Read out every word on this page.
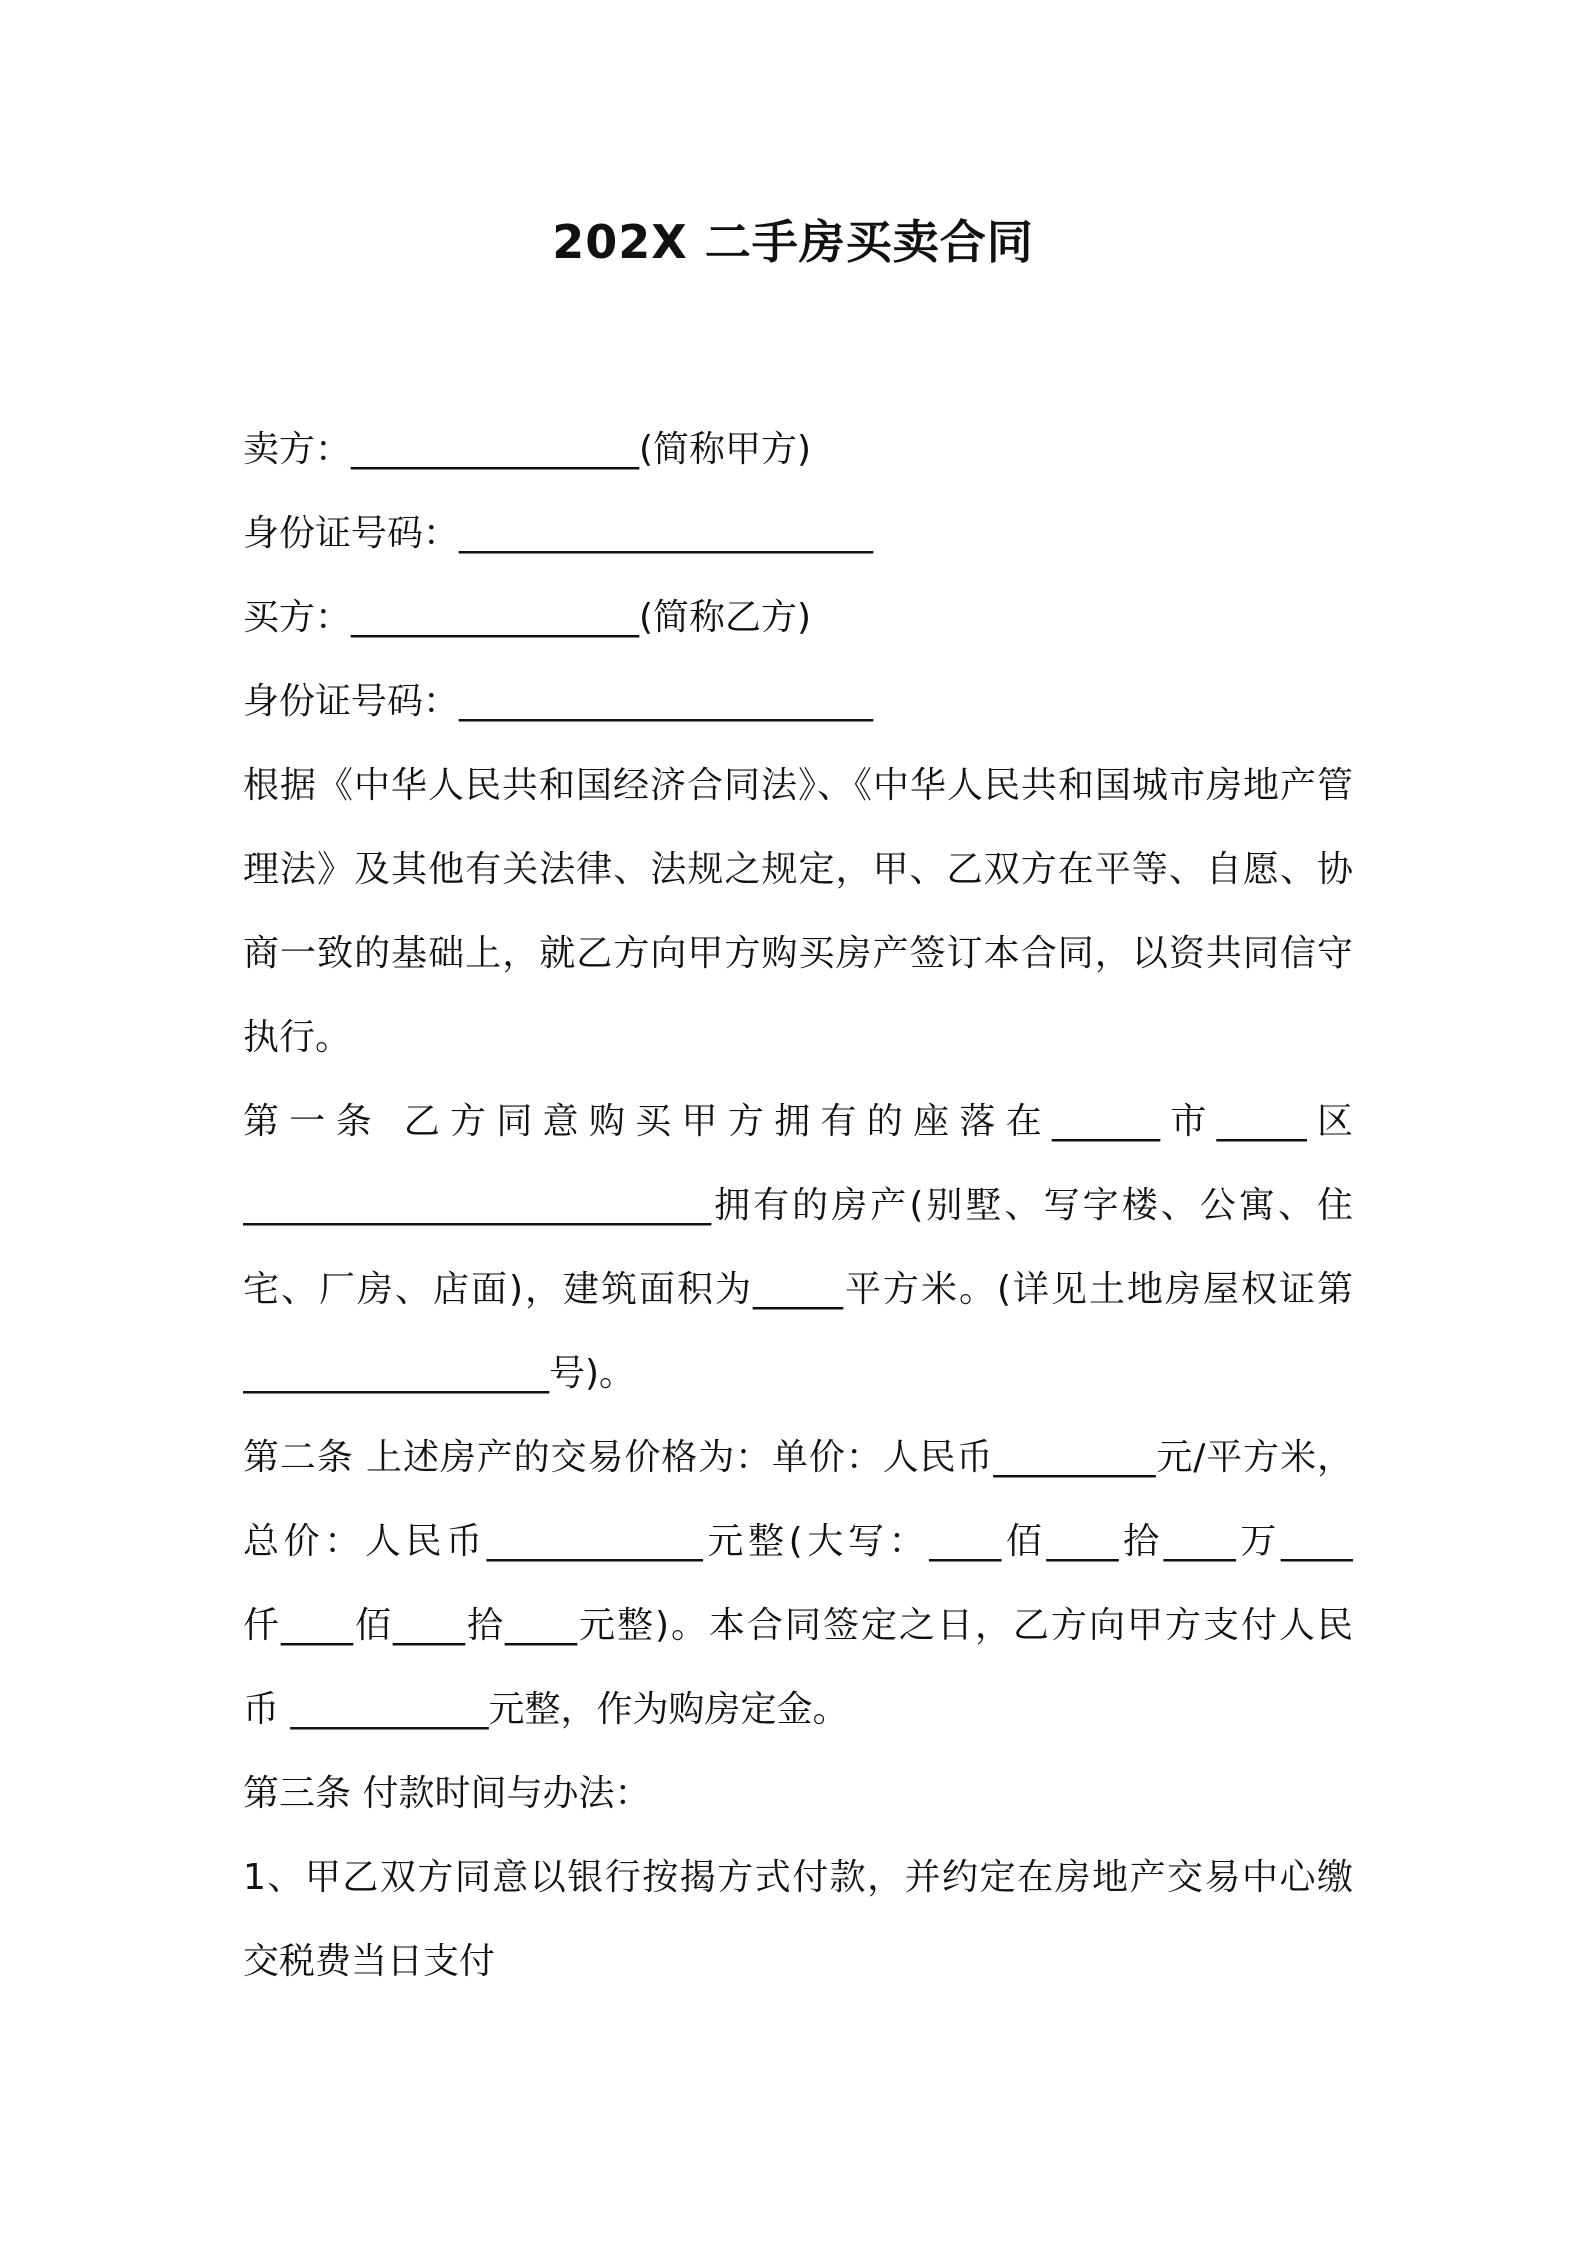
202X 二手房买卖合同
卖方：________________(简称甲方)
身份证号码：_______________________
买方：________________(简称乙方)
身份证号码：_______________________
根据《中华人民共和国经济合同法》、《中华人民共和国城市房地产管
理法》及其他有关法律、法规之规定，甲、乙双方在平等、自愿、协
商一致的基础上，就乙方向甲方购买房产签订本合同，以资共同信守
执行。
第一条 乙方同意购买甲方拥有的座落在______市_____区
__________________________拥有的房产(别墅、写字楼、公寓、住
宅、厂房、店面)，建筑面积为_____平方米。(详见土地房屋权证第
_________________号)。
第二条 上述房产的交易价格为：单价：人民币_________元/平方米，
总价：人民币____________元整(大写：____佰____拾____万____
仟____佰____拾____元整)。本合同签定之日，乙方向甲方支付人民
币 ___________元整，作为购房定金。
第三条 付款时间与办法：
1、甲乙双方同意以银行按揭方式付款，并约定在房地产交易中心缴
交税费当日支付
